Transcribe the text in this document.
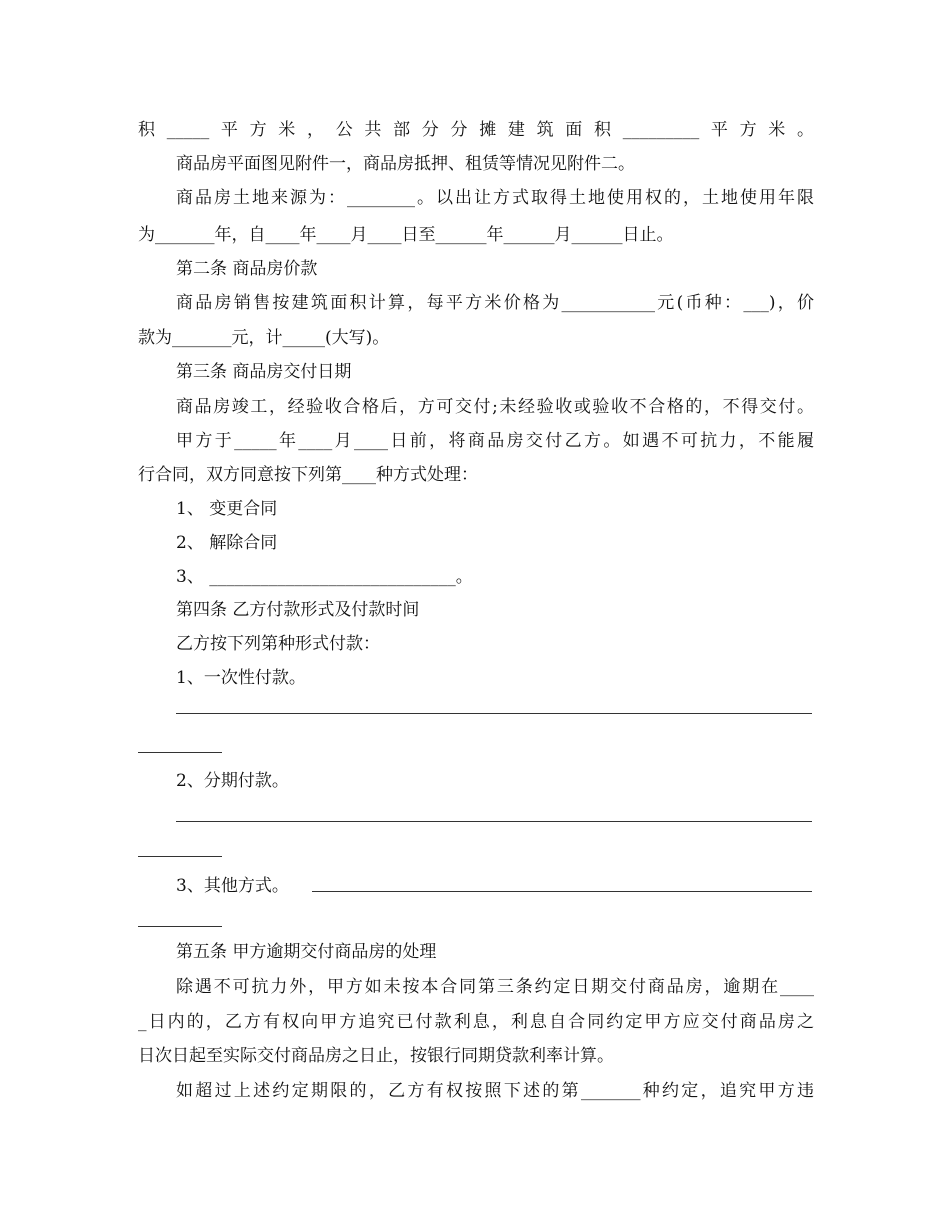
积_____平方米，公共部分分摊建筑面积_________平方米。

商品房平面图见附件一，商品房抵押、租赁等情况见附件二。

商品房土地来源为：________。以出让方式取得土地使用权的，土地使用年限

为_______年，自____年____月____日至______年______月______日止。

第二条 商品房价款

商品房销售按建筑面积计算，每平方米价格为___________元(币种：___)，价

款为_______元，计_____(大写)。

第三条 商品房交付日期

商品房竣工，经验收合格后，方可交付;未经验收或验收不合格的，不得交付。

甲方于_____年____月____日前，将商品房交付乙方。如遇不可抗力，不能履

行合同，双方同意按下列第____种方式处理：

1、 变更合同

2、 解除合同

3、 _____________________________。

第四条 乙方付款形式及付款时间

乙方按下列第种形式付款：

1、一次性付款。

2、分期付款。

3、其他方式。

第五条 甲方逾期交付商品房的处理

除遇不可抗力外，甲方如未按本合同第三条约定日期交付商品房，逾期在____

_日内的，乙方有权向甲方追究已付款利息，利息自合同约定甲方应交付商品房之

日次日起至实际交付商品房之日止，按银行同期贷款利率计算。

如超过上述约定期限的，乙方有权按照下述的第_______种约定，追究甲方违
